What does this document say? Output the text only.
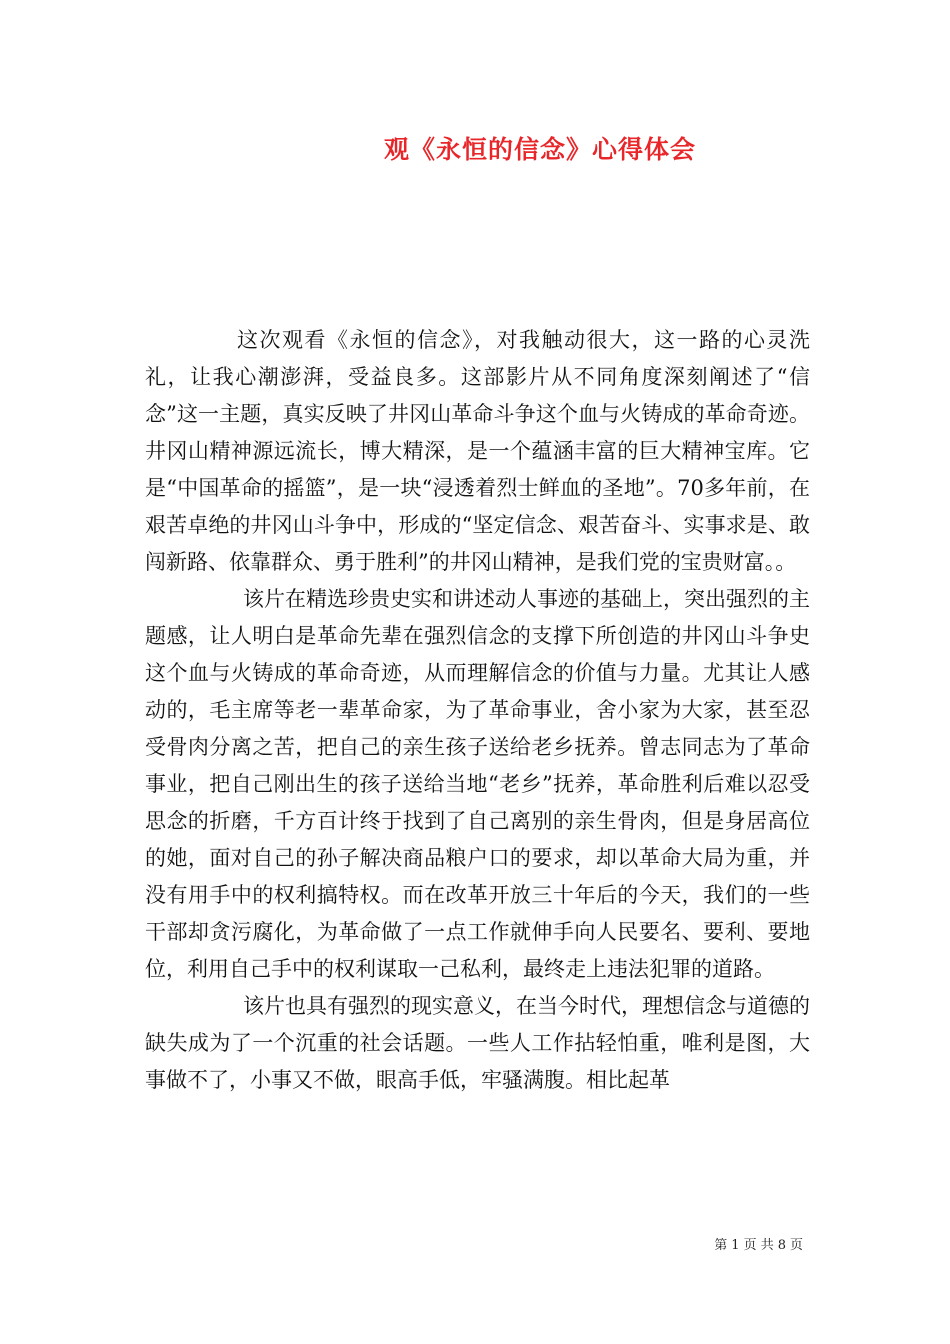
观《永恒的信念》心得体会

这次观看《永恒的信念》，对我触动很大，这一路的心灵洗礼，让我心潮澎湃，受益良多。这部影片从不同角度深刻阐述了“信念”这一主题，真实反映了井冈山革命斗争这个血与火铸成的革命奇迹。井冈山精神源远流长，博大精深，是一个蕴涵丰富的巨大精神宝库。它是“中国革命的摇篮”，是一块“浸透着烈士鲜血的圣地”。70多年前，在艰苦卓绝的井冈山斗争中，形成的“坚定信念、艰苦奋斗、实事求是、敢闯新路、依靠群众、勇于胜利”的井冈山精神，是我们党的宝贵财富。。

该片在精选珍贵史实和讲述动人事迹的基础上，突出强烈的主题感，让人明白是革命先辈在强烈信念的支撑下所创造的井冈山斗争史这个血与火铸成的革命奇迹，从而理解信念的价值与力量。尤其让人感动的，毛主席等老一辈革命家，为了革命事业，舍小家为大家，甚至忍受骨肉分离之苦，把自己的亲生孩子送给老乡抚养。曾志同志为了革命事业，把自己刚出生的孩子送给当地“老乡”抚养，革命胜利后难以忍受思念的折磨，千方百计终于找到了自己离别的亲生骨肉，但是身居高位的她，面对自己的孙子解决商品粮户口的要求，却以革命大局为重，并没有用手中的权利搞特权。而在改革开放三十年后的今天，我们的一些干部却贪污腐化，为革命做了一点工作就伸手向人民要名、要利、要地位，利用自己手中的权利谋取一己私利，最终走上违法犯罪的道路。

该片也具有强烈的现实意义，在当今时代，理想信念与道德的缺失成为了一个沉重的社会话题。一些人工作拈轻怕重，唯利是图，大事做不了，小事又不做，眼高手低，牢骚满腹。相比起革

第 1 页 共 8 页
